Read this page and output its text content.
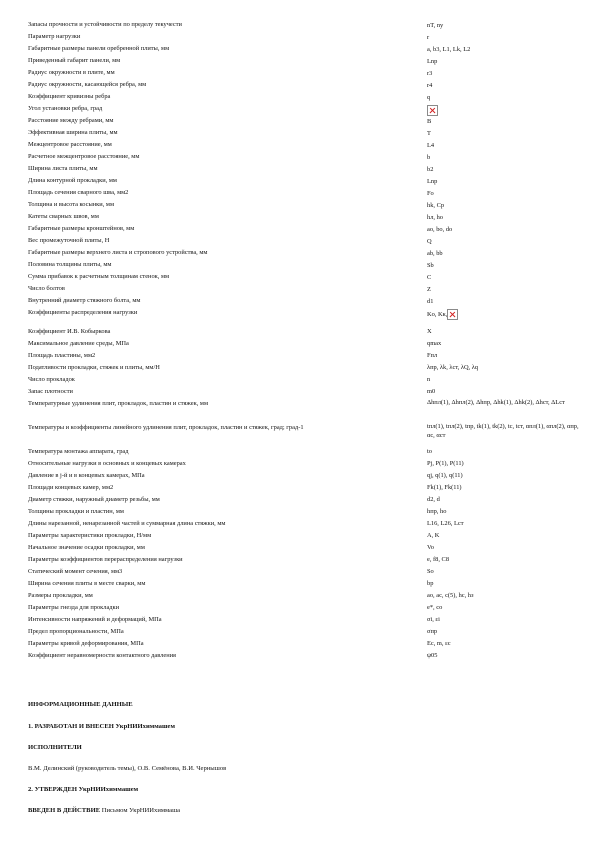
Запасы прочности и устойчивости по пределу текучести	nT, ny
Параметр нагрузки	r
Габаритные размеры панели оребренной плиты, мм	a, b3, L1, Lk, L2
Приведенный габарит панели, мм	Lnp
Радиус окружности в плите, мм	r3
Радиус окружности, касающейся ребра, мм	r4
Коэффициент кривизны ребра	q
Угол установки ребра, град
Расстояние между ребрами, мм	B
Эффективная ширина плиты, мм	T
Межцентровое расстояние, мм	L4
Расчетное межцентровое расстояние, мм	b
Ширина листа плиты, мм	b2
Длина контурной прокладки, мм	Lnp
Площадь сечения сварного шва, мм2	Fo
Толщина и высота косынки, мм	hk, Cp
Катеты сварных швов, мм	hл, hо
Габаритные размеры кронштейнов, мм	ao, bo, do
Вес промежуточной плиты, Н	Q
Габаритные размеры верхнего листа и стропового устройства, мм	ab, bb
Половина толщины плиты, мм	Sb
Сумма прибавок к расчетным толщинам стенок, мм	C
Число болтов	Z
Внутренний диаметр стяжного болта, мм	d1
Коэффициенты распределения нагрузки	Ko, Kк,
Коэффициент И.В. Кобыркова	X
Максимальное давление среды, МПа	qmax
Площадь пластины, мм2	Fпл
Податливости прокладки, стяжек и плиты, мм/Н	λпр, λk, λст, λQ, λq
Число прокладок	n
Запас плотности	m0
Температурные удлинения плит, прокладок, пластин и стяжек, мм	Δhпл(1), Δhпл(2), Δhпр, Δhk(1), Δhk(2), Δhст, ΔLст
Температуры и коэффициенты линейного удлинения плит, прокладок, пластин и стяжек, град; град-1	tпл(1), tпл(2), tпр, tk(1), tk(2), tc, tст, αпл(1), αпл(2), αпр, αс, αст
Температура монтажа аппарата, град	to
Относительные нагрузки в основных и концевых камерах	Pj, P(1), P(11)
Давление в j-й и в концевых камерах, МПа	qj, q(1), q(11)
Площади концевых камер, мм2	Fk(1), Fk(11)
Диаметр стяжки, наружный диаметр резьбы, мм	d2, d
Толщины прокладки и пластин, мм	hпр, hо
Длины нарезанной, ненарезанной частей и суммарная длина стяжки, мм	L16, L26, Lст
Параметры характеристики прокладки, Н/мм	A, K
Начальное значение осадки прокладки, мм	Vo
Параметры коэффициентов перераспределения нагрузки	e, f8, C8
Статический момент сечения, мм3	Sо
Ширина сечения плиты в месте сварки, мм	bp
Размеры прокладки, мм	ao, ac, c(5), hc, hз
Параметры гнезда для прокладки	e*, co
Интенсивности напряжений и деформаций, МПа	σi, εi
Предел пропорциональности, МПа	σпр
Параметры кривой деформирования, МПа	Ec, m, εc
Коэффициент неравномерности контактного давления	ψ05
ИНФОРМАЦИОННЫЕ ДАННЫЕ
1. РАЗРАБОТАН И ВНЕСЕН УкрНИИхиммашем
ИСПОЛНИТЕЛИ
В.М. Делинский (руководитель темы), О.В. Семёнова, В.И. Чернышов
2. УТВЕРЖДЕН УкрНИИхиммашем
ВВЕДЕН В ДЕЙСТВИЕ Письмом УкрНИИхиммаша
